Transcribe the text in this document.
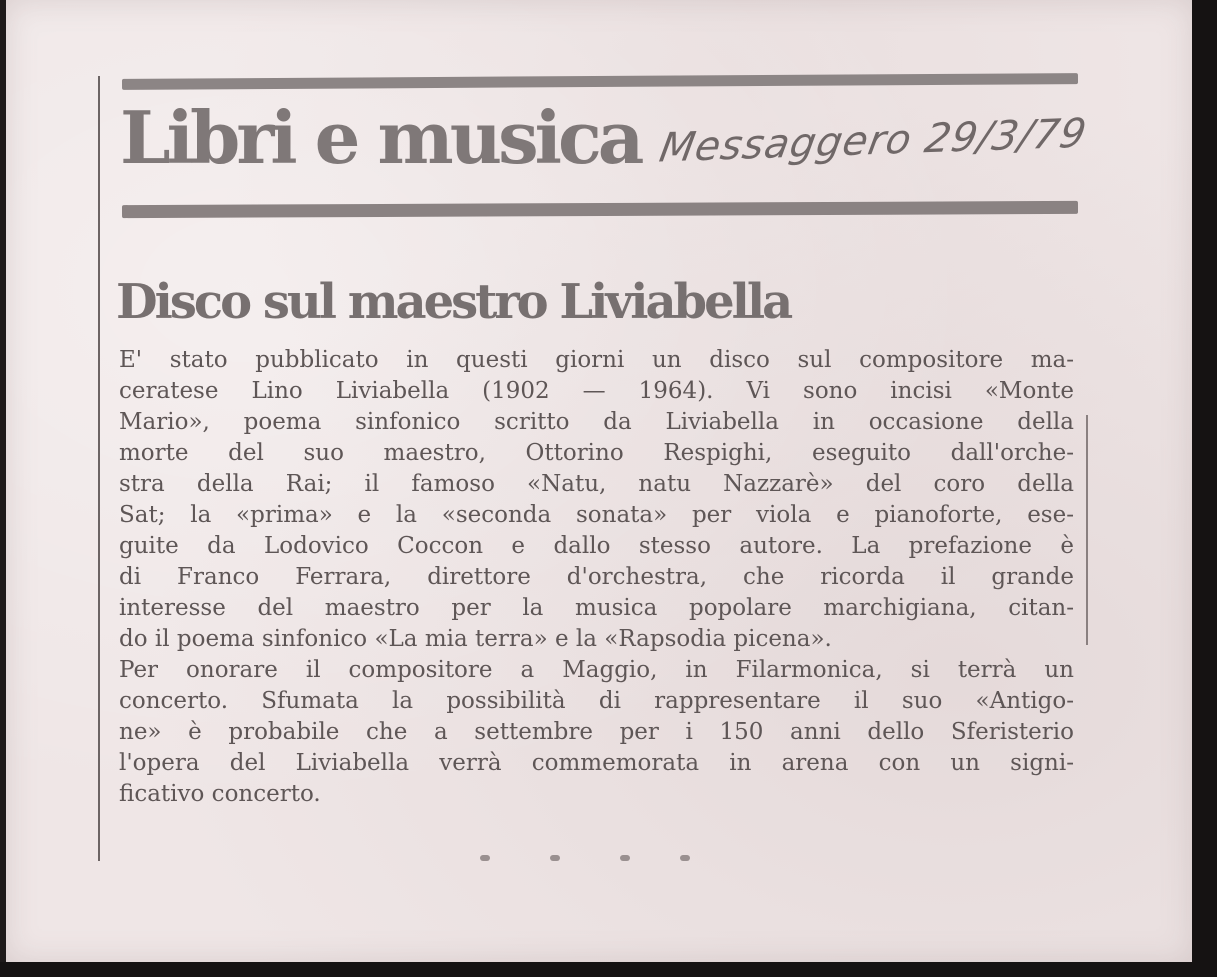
Libri e musica Messaggero 29/3/79
Disco sul maestro Liviabella
E' stato pubblicato in questi giorni un disco sul compositore ma-
ceratese Lino Liviabella (1902 — 1964). Vi sono incisi «Monte
Mario», poema sinfonico scritto da Liviabella in occasione della
morte del suo maestro, Ottorino Respighi, eseguito dall'orche-
stra della Rai; il famoso «Natu, natu Nazzarè» del coro della
Sat; la «prima» e la «seconda sonata» per viola e pianoforte, ese-
guite da Lodovico Coccon e dallo stesso autore. La prefazione è
di Franco Ferrara, direttore d'orchestra, che ricorda il grande
interesse del maestro per la musica popolare marchigiana, citan-
do il poema sinfonico «La mia terra» e la «Rapsodia picena».
Per onorare il compositore a Maggio, in Filarmonica, si terrà un
concerto. Sfumata la possibilità di rappresentare il suo «Antigo-
ne» è probabile che a settembre per i 150 anni dello Sferisterio
l'opera del Liviabella verrà commemorata in arena con un signi-
ficativo concerto.
